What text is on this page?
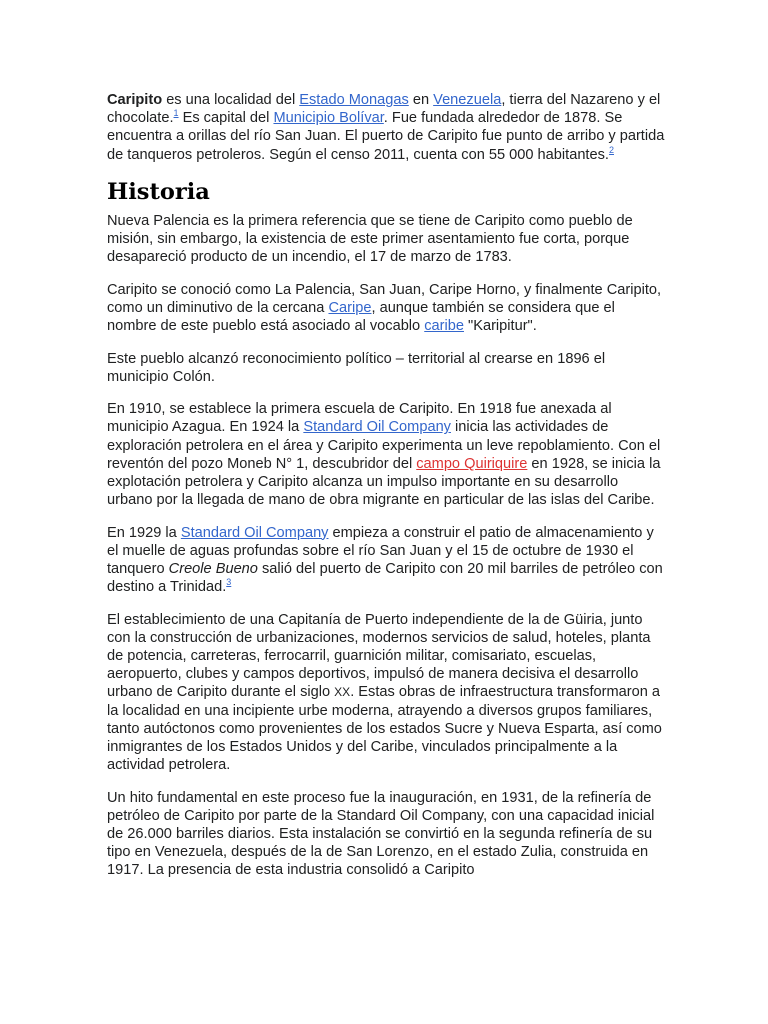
Caripito es una localidad del Estado Monagas en Venezuela, tierra del Nazareno y el chocolate.$^1$ Es capital del Municipio Bolívar. Fue fundada alrededor de 1878. Se encuentra a orillas del río San Juan. El puerto de Caripito fue punto de arribo y partida de tanqueros petroleros. Según el censo 2011, cuenta con 55 000 habitantes.$^2$

Historia

Nueva Palencia es la primera referencia que se tiene de Caripito como pueblo de misión, sin embargo, la existencia de este primer asentamiento fue corta, porque desapareció producto de un incendio, el 17 de marzo de 1783.

Caripito se conoció como La Palencia, San Juan, Caripe Horno, y finalmente Caripito, como un diminutivo de la cercana Caripe, aunque también se considera que el nombre de este pueblo está asociado al vocablo caribe "Karipitur".

Este pueblo alcanzó reconocimiento político – territorial al crearse en 1896 el municipio Colón.

En 1910, se establece la primera escuela de Caripito. En 1918 fue anexada al municipio Azagua. En 1924 la Standard Oil Company inicia las actividades de exploración petrolera en el área y Caripito experimenta un leve repoblamiento. Con el reventón del pozo Moneb N° 1, descubridor del campo Quiriquire en 1928, se inicia la explotación petrolera y Caripito alcanza un impulso importante en su desarrollo urbano por la llegada de mano de obra migrante en particular de las islas del Caribe.

En 1929 la Standard Oil Company empieza a construir el patio de almacenamiento y el muelle de aguas profundas sobre el río San Juan y el 15 de octubre de 1930 el tanquero Creole Bueno salió del puerto de Caripito con 20 mil barriles de petróleo con destino a Trinidad.$^3$

El establecimiento de una Capitanía de Puerto independiente de la de Güiria, junto con la construcción de urbanizaciones, modernos servicios de salud, hoteles, planta de potencia, carreteras, ferrocarril, guarnición militar, comisariato, escuelas, aeropuerto, clubes y campos deportivos, impulsó de manera decisiva el desarrollo urbano de Caripito durante el siglo XX. Estas obras de infraestructura transformaron a la localidad en una incipiente urbe moderna, atrayendo a diversos grupos familiares, tanto autóctonos como provenientes de los estados Sucre y Nueva Esparta, así como inmigrantes de los Estados Unidos y del Caribe, vinculados principalmente a la actividad petrolera.

Un hito fundamental en este proceso fue la inauguración, en 1931, de la refinería de petróleo de Caripito por parte de la Standard Oil Company, con una capacidad inicial de 26.000 barriles diarios. Esta instalación se convirtió en la segunda refinería de su tipo en Venezuela, después de la de San Lorenzo, en el estado Zulia, construida en 1917. La presencia de esta industria consolidó a Caripito
